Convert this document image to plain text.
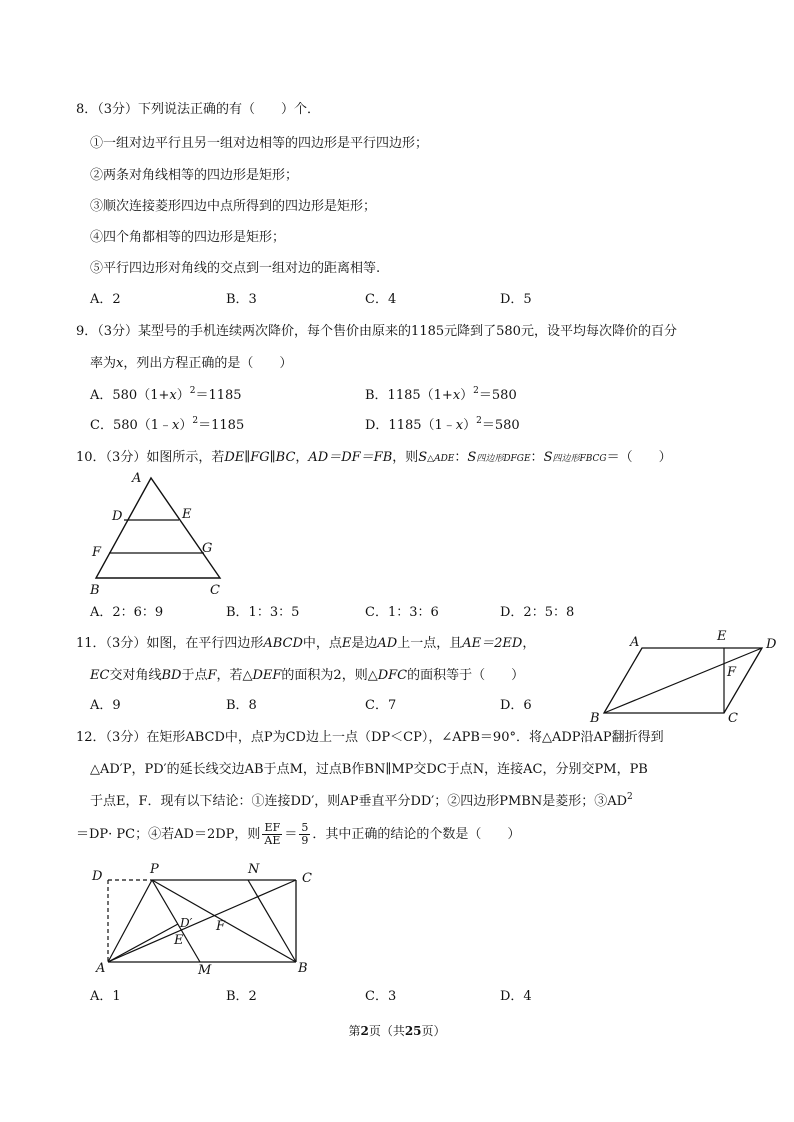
8．（3分）下列说法正确的有（　　）个．
①一组对边平行且另一组对边相等的四边形是平行四边形；
②两条对角线相等的四边形是矩形；
③顺次连接菱形四边中点所得到的四边形是矩形；
④四个角都相等的四边形是矩形；
⑤平行四边形对角线的交点到一组对边的距离相等.
A．2	B．3	C．4	D．5
9．（3分）某型号的手机连续两次降价，每个售价由原来的1185元降到了580元，设平均每次降价的百分
率为x，列出方程正确的是（　　）
A．$580(1+x)^2=1185$	B．$1185(1+x)^2=580$
C．580（1﹣x）$^2$＝1185	D．1185（1﹣x）$^2$＝580
10．（3分）如图所示，若DE∥FG∥BC，AD＝DF＝FB，则S△ADE：S四边形DFGE：S四边形FBCG＝（　　）
A
D	E
F	G
B	C
A．2：6：9	B．1：3：5	C．1：3：6	D．2：5：8
11．（3分）如图，在平行四边形ABCD中，点E是边AD上一点，且AE＝2ED，
EC交对角线BD于点F，若△DEF的面积为2，则△DFC的面积等于（　　）
A	E
D
F
B	C
A．9	B．8	C．7	D．6
12．（3分）在矩形ABCD中，点P为CD边上一点（DP＜CP），∠APB＝90°．将△ADP沿AP翻折得到
△AD′P，PD′的延长线交边AB于点M，过点B作BN∥MP交DC于点N，连接AC，分别交PM，PB
于点E，F．现有以下结论：①连接DD′，则AP垂直平分DD′；②四边形PMBN是菱形；$③AD^2$
＝DP· PC；④若AD＝2DP，则 $\frac{EF}{AE} = \frac{5}{9}$ ．其中正确的结论的个数是（　　）
D	P	N
C
D′ F
E
A	M	B
A．1	B．2	C．3	D．4
第2页（共25页）
